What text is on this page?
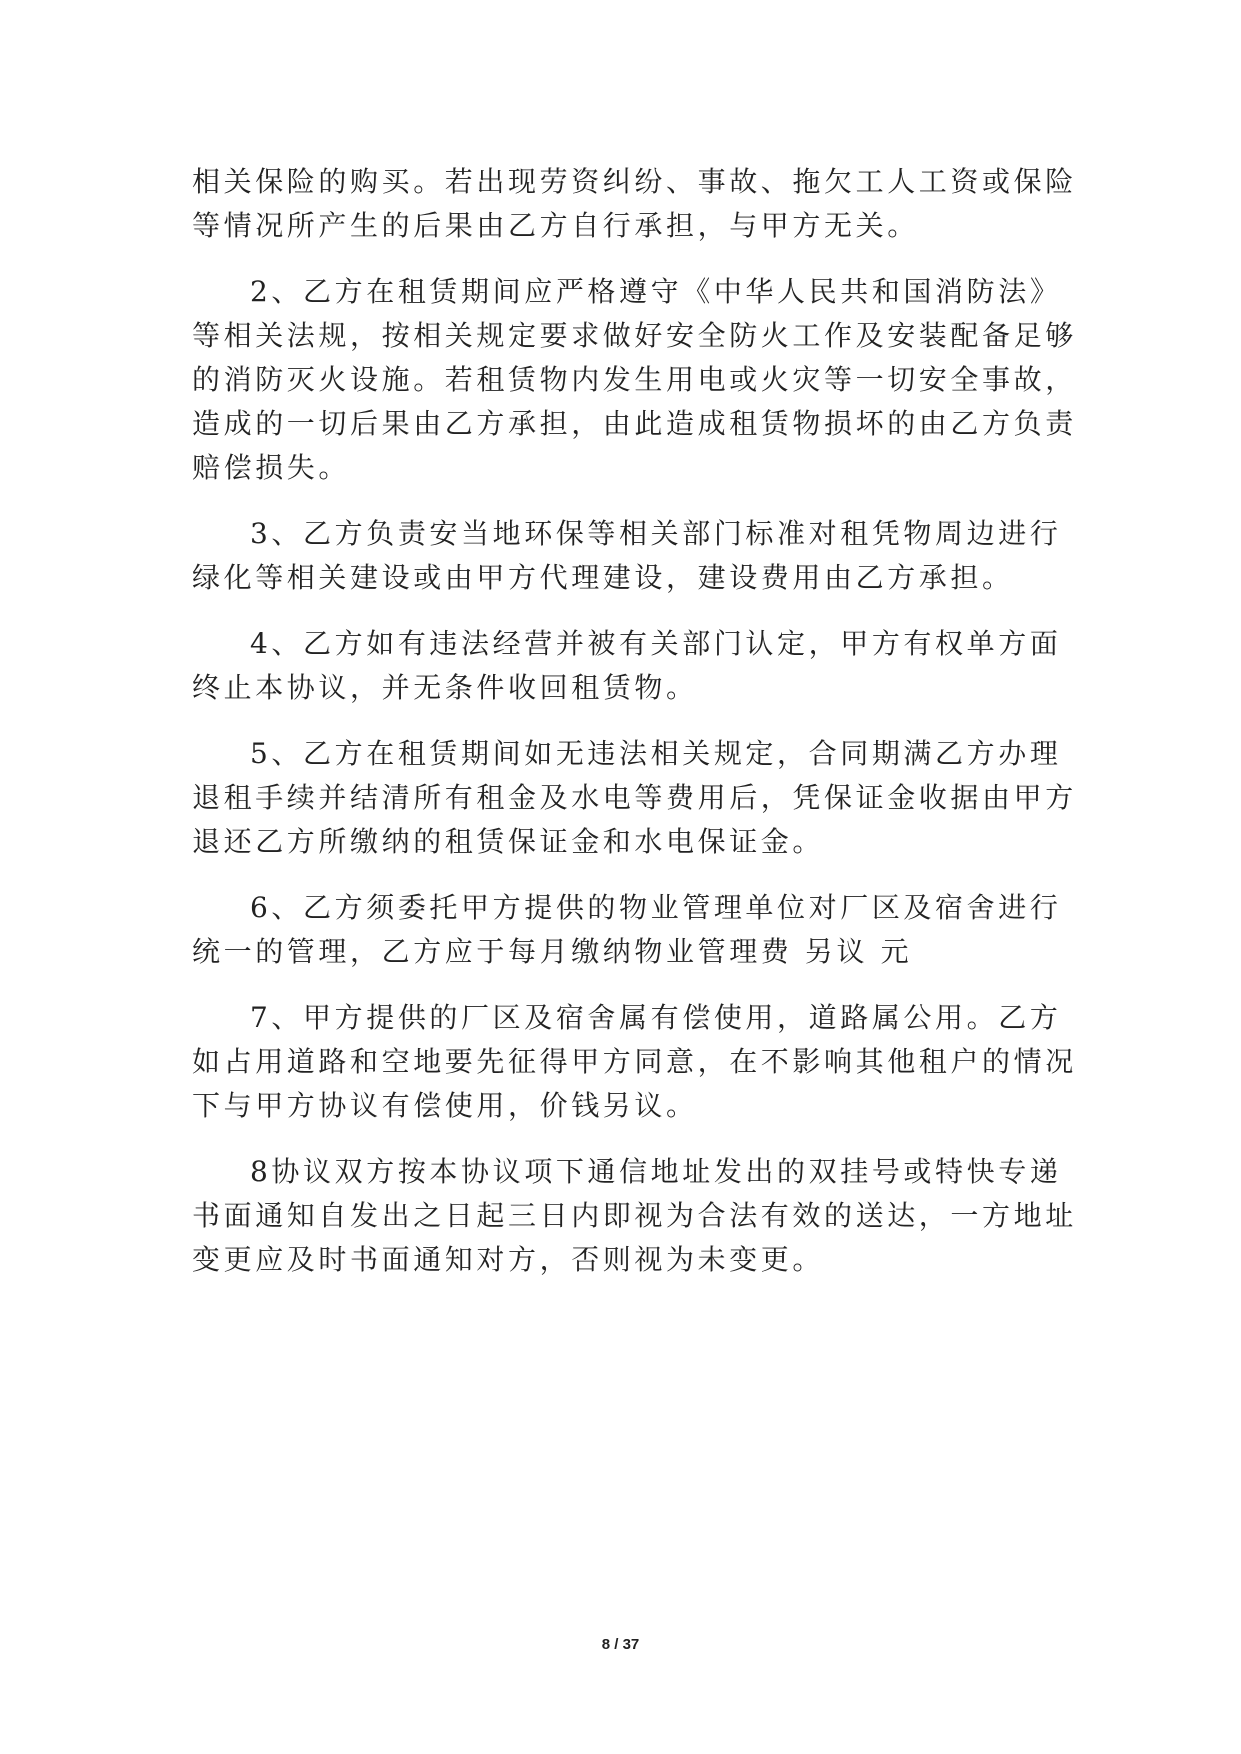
相关保险的购买。若出现劳资纠纷、事故、拖欠工人工资或保险
等情况所产生的后果由乙方自行承担，与甲方无关。
2、乙方在租赁期间应严格遵守《中华人民共和国消防法》
等相关法规，按相关规定要求做好安全防火工作及安装配备足够
的消防灭火设施。若租赁物内发生用电或火灾等一切安全事故，
造成的一切后果由乙方承担，由此造成租赁物损坏的由乙方负责
赔偿损失。
3、乙方负责安当地环保等相关部门标准对租凭物周边进行
绿化等相关建设或由甲方代理建设，建设费用由乙方承担。
4、乙方如有违法经营并被有关部门认定，甲方有权单方面
终止本协议，并无条件收回租赁物。
5、乙方在租赁期间如无违法相关规定，合同期满乙方办理
退租手续并结清所有租金及水电等费用后，凭保证金收据由甲方
退还乙方所缴纳的租赁保证金和水电保证金。
6、乙方须委托甲方提供的物业管理单位对厂区及宿舍进行
统一的管理，乙方应于每月缴纳物业管理费 另议 元
7、甲方提供的厂区及宿舍属有偿使用，道路属公用。乙方
如占用道路和空地要先征得甲方同意，在不影响其他租户的情况
下与甲方协议有偿使用，价钱另议。
8协议双方按本协议项下通信地址发出的双挂号或特快专递
书面通知自发出之日起三日内即视为合法有效的送达，一方地址
变更应及时书面通知对方，否则视为未变更。
8 / 37
